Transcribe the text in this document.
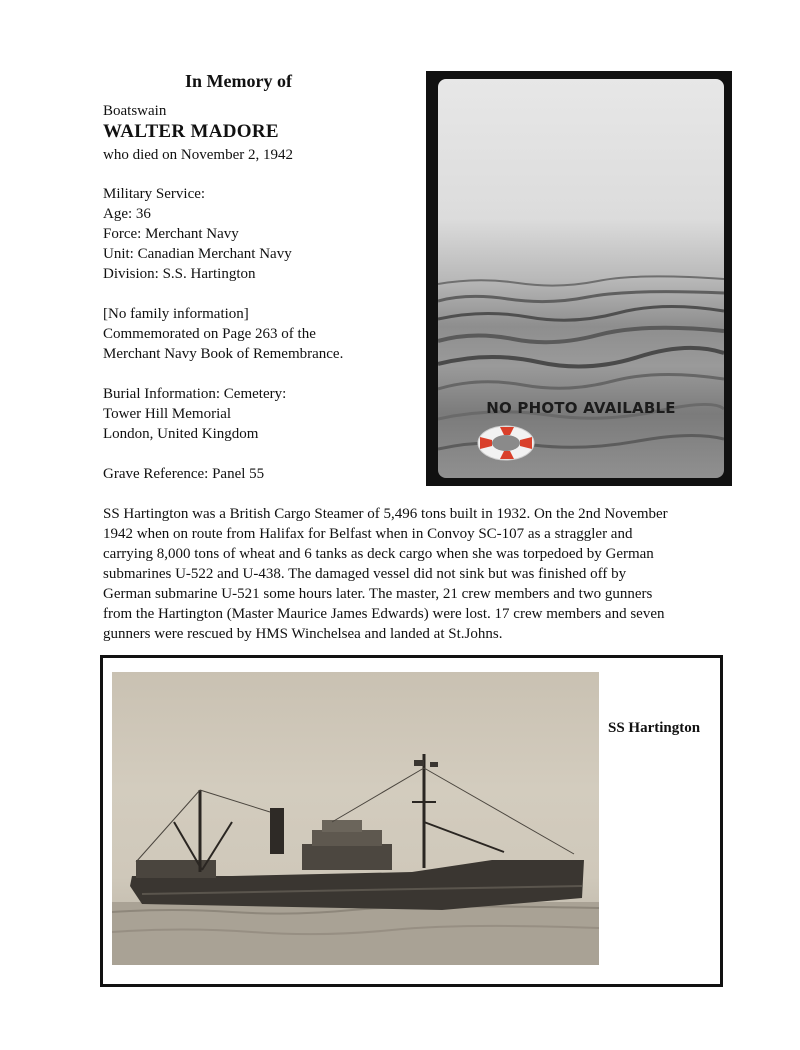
In Memory of
Boatswain
WALTER MADORE
who died on November 2, 1942
Military Service:
Age: 36
Force: Merchant Navy
Unit: Canadian Merchant Navy
Division: S.S. Hartington
[No family information]
Commemorated on Page 263 of the
Merchant Navy Book of Remembrance.
Burial Information: Cemetery:
Tower Hill Memorial
London, United Kingdom
Grave Reference: Panel 55
NO PHOTO AVAILABLE
SS Hartington was a British Cargo Steamer of 5,496 tons built in 1932. On the 2nd November
1942 when on route from Halifax for Belfast when in Convoy SC-107 as a straggler and
carrying 8,000 tons of wheat and 6 tanks as deck cargo when she was torpedoed by German
submarines U-522 and U-438. The damaged vessel did not sink but was finished off by
German submarine U-521 some hours later. The master, 21 crew members and two gunners
from the Hartington (Master Maurice James Edwards) were lost. 17 crew members and seven
gunners were rescued by HMS Winchelsea and landed at St.Johns.
SS Hartington
